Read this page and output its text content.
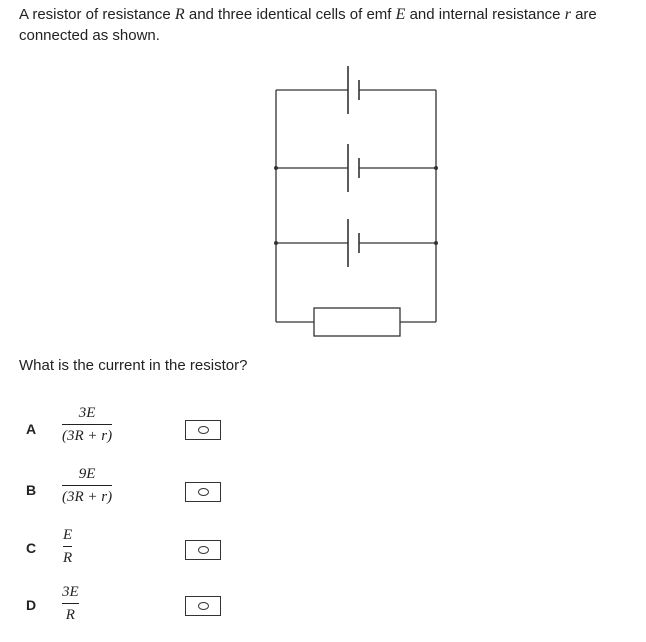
A resistor of resistance R and three identical cells of emf E and internal resistance r are connected as shown.
What is the current in the resistor?
A
3E
(3R + r)
B
9E
(3R + r)
C
E
R
D
3E
R
